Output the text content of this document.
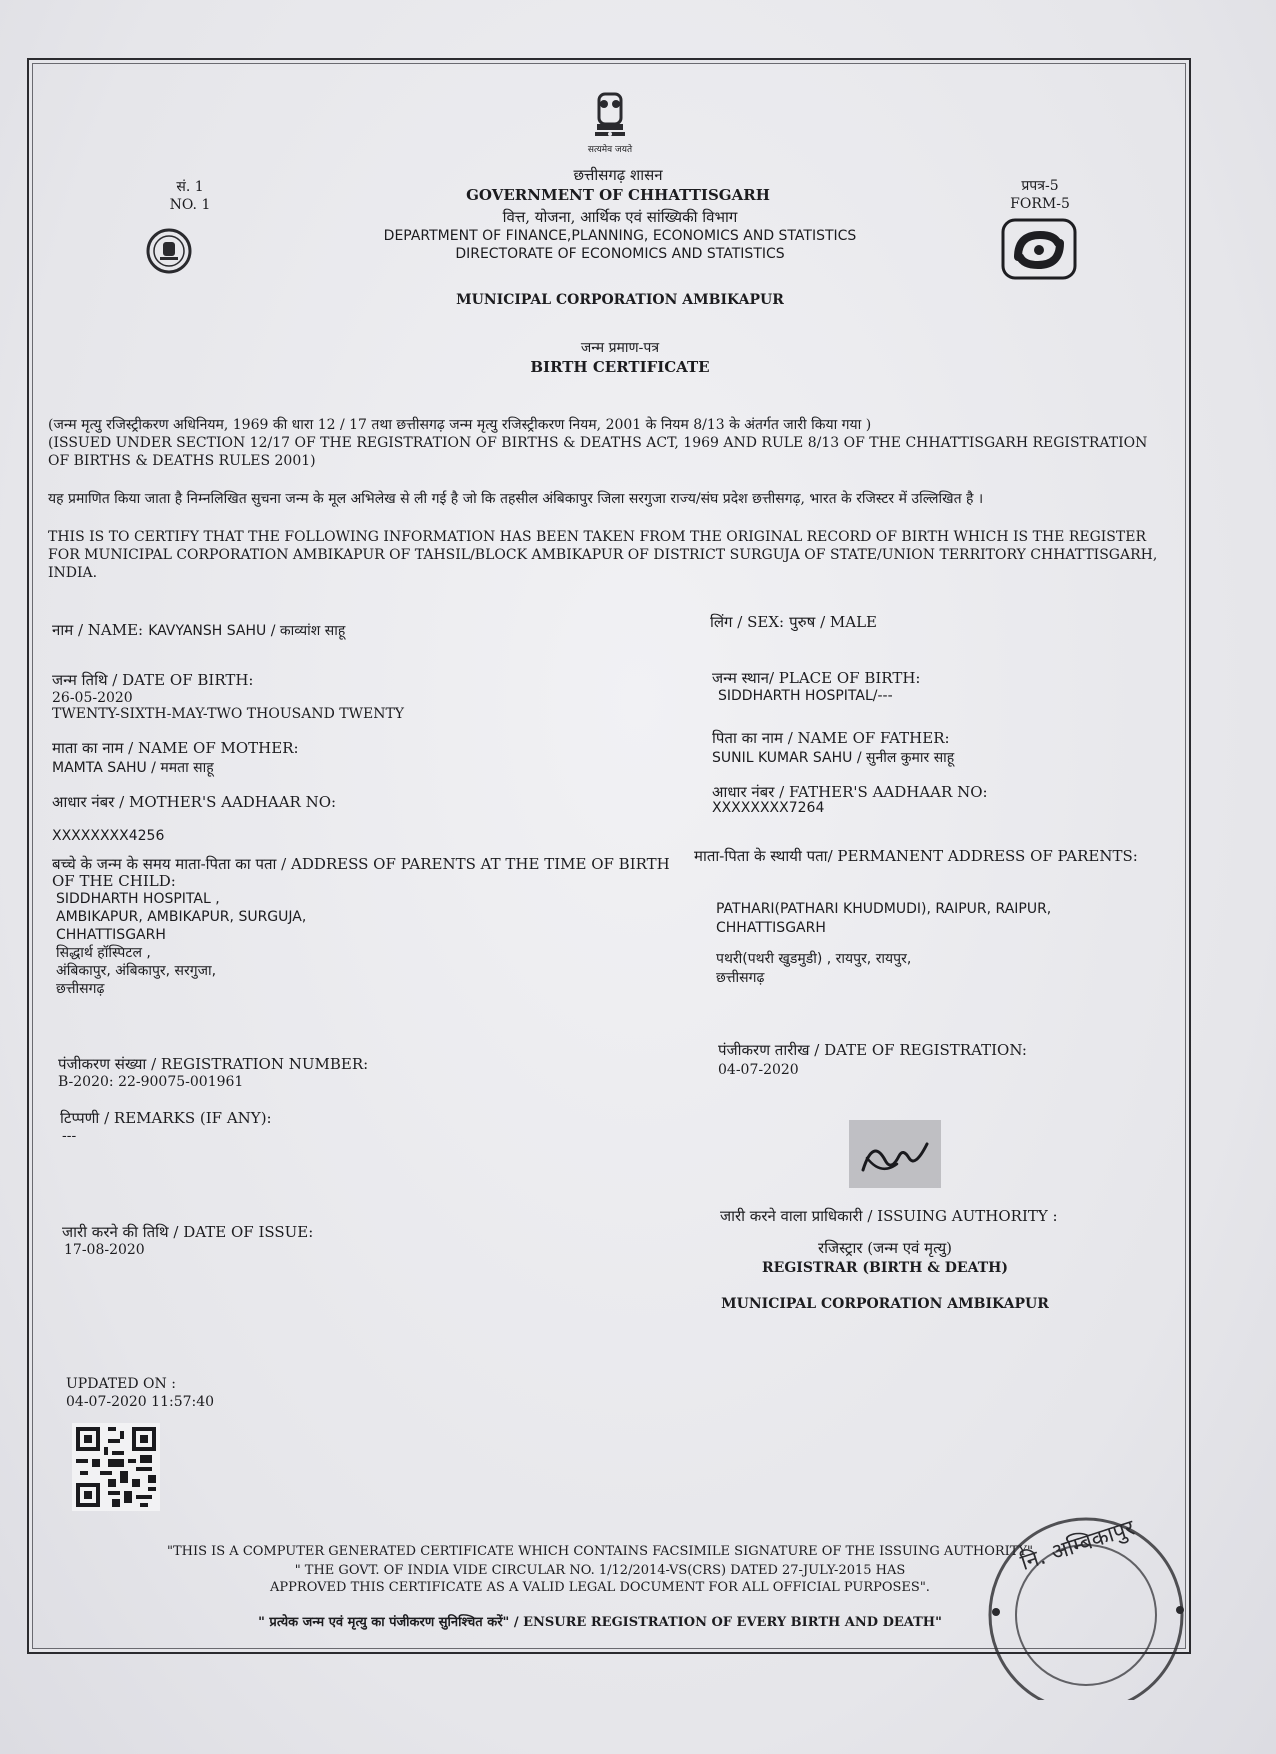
सत्यमेव जयते
सं. 1
NO. 1
प्रपत्र-5
FORM-5
छत्तीसगढ़ शासन
GOVERNMENT OF CHHATTISGARH
वित्त, योजना, आर्थिक एवं सांख्यिकी विभाग
DEPARTMENT OF FINANCE,PLANNING, ECONOMICS AND STATISTICS
DIRECTORATE OF ECONOMICS AND STATISTICS
MUNICIPAL CORPORATION AMBIKAPUR
जन्म प्रमाण-पत्र
BIRTH CERTIFICATE
(जन्म मृत्यु रजिस्ट्रीकरण अधिनियम, 1969 की धारा 12 / 17 तथा छत्तीसगढ़ जन्म मृत्यु रजिस्ट्रीकरण नियम, 2001 के नियम 8/13 के अंतर्गत जारी किया गया )
(ISSUED UNDER SECTION 12/17 OF THE REGISTRATION OF BIRTHS & DEATHS ACT, 1969 AND RULE 8/13 OF THE CHHATTISGARH REGISTRATION OF BIRTHS & DEATHS RULES 2001)
यह प्रमाणित किया जाता है निम्नलिखित सुचना जन्म के मूल अभिलेख से ली गई है जो कि तहसील अंबिकापुर जिला सरगुजा राज्य/संघ प्रदेश छत्तीसगढ़, भारत के रजिस्टर में उल्लिखित है ।
THIS IS TO CERTIFY THAT THE FOLLOWING INFORMATION HAS BEEN TAKEN FROM THE ORIGINAL RECORD OF BIRTH WHICH IS THE REGISTER FOR MUNICIPAL CORPORATION AMBIKAPUR OF TAHSIL/BLOCK AMBIKAPUR OF DISTRICT SURGUJA OF STATE/UNION TERRITORY CHHATTISGARH, INDIA.
नाम / NAME: KAVYANSH SAHU / काव्यांश साहू
जन्म तिथि / DATE OF BIRTH:
26-05-2020
TWENTY-SIXTH-MAY-TWO THOUSAND TWENTY
माता का नाम / NAME OF MOTHER:
MAMTA SAHU / ममता साहू
आधार नंबर / MOTHER'S AADHAAR NO:
XXXXXXXX4256
बच्चे के जन्म के समय माता-पिता का पता / ADDRESS OF PARENTS AT THE TIME OF BIRTH
OF THE CHILD:
SIDDHARTH HOSPITAL ,
AMBIKAPUR, AMBIKAPUR, SURGUJA,
CHHATTISGARH
सिद्धार्थ हॉस्पिटल ,
अंबिकापुर, अंबिकापुर, सरगुजा,
छत्तीसगढ़
पंजीकरण संख्या / REGISTRATION NUMBER:
B-2020: 22-90075-001961
टिप्पणी / REMARKS (IF ANY):
---
जारी करने की तिथि / DATE OF ISSUE:
17-08-2020
लिंग / SEX: पुरुष / MALE
जन्म स्थान/ PLACE OF BIRTH:
SIDDHARTH HOSPITAL/---
पिता का नाम / NAME OF FATHER:
SUNIL KUMAR SAHU / सुनील कुमार साहू
आधार नंबर / FATHER'S AADHAAR NO:
XXXXXXXX7264
माता-पिता के स्थायी पता/ PERMANENT ADDRESS OF PARENTS:
PATHARI(PATHARI KHUDMUDI), RAIPUR, RAIPUR,
CHHATTISGARH
पथरी(पथरी खुडमुडी) , रायपुर, रायपुर,
छत्तीसगढ़
पंजीकरण तारीख / DATE OF REGISTRATION:
04-07-2020
जारी करने वाला प्राधिकारी / ISSUING AUTHORITY :
रजिस्ट्रार (जन्म एवं मृत्यु)
REGISTRAR (BIRTH & DEATH)
MUNICIPAL CORPORATION AMBIKAPUR
UPDATED ON :
04-07-2020 11:57:40
"THIS IS A COMPUTER GENERATED CERTIFICATE WHICH CONTAINS FACSIMILE SIGNATURE OF THE ISSUING AUTHORITY"
" THE GOVT. OF INDIA VIDE CIRCULAR NO. 1/12/2014-VS(CRS) DATED 27-JULY-2015 HAS
APPROVED THIS CERTIFICATE AS A VALID LEGAL DOCUMENT FOR ALL OFFICIAL PURPOSES".
" प्रत्येक जन्म एवं मृत्यु का पंजीकरण सुनिश्चित करें" / ENSURE REGISTRATION OF EVERY BIRTH AND DEATH"
नि. अम्बिकापुर
